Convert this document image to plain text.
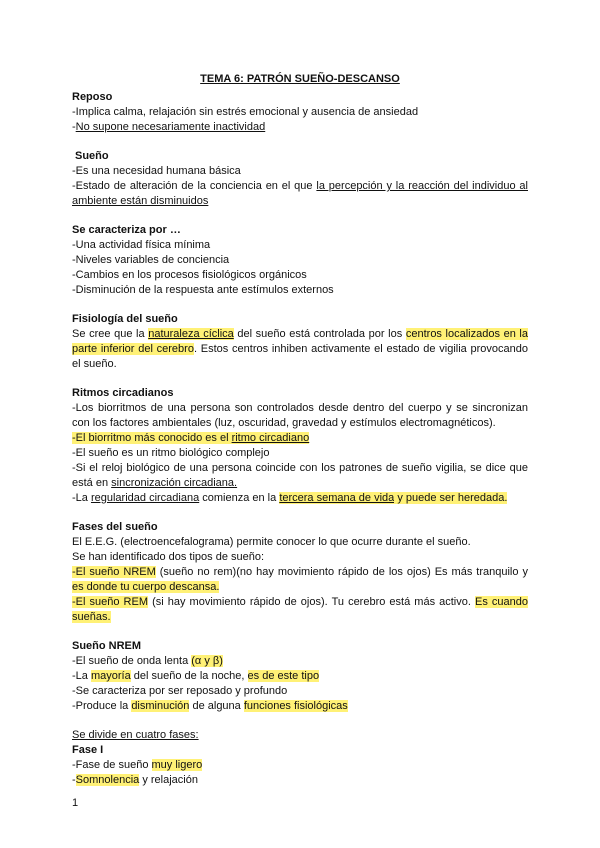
TEMA 6: PATRÓN SUEÑO-DESCANSO

Reposo

-Implica calma, relajación sin estrés emocional y ausencia de ansiedad

-No supone necesariamente inactividad

Sueño

-Es una necesidad humana básica

-Estado de alteración de la conciencia en el que la percepción y la reacción del individuo al ambiente están disminuidos

Se caracteriza por …

-Una actividad física mínima

-Niveles variables de conciencia

-Cambios en los procesos fisiológicos orgánicos

-Disminución de la respuesta ante estímulos externos

Fisiología del sueño

Se cree que la naturaleza cíclica del sueño está controlada por los centros localizados en la parte inferior del cerebro. Estos centros inhiben activamente el estado de vigilia provocando el sueño.

Ritmos circadianos

-Los biorritmos de una persona son controlados desde dentro del cuerpo y se sincronizan con los factores ambientales (luz, oscuridad, gravedad y estímulos electromagnéticos).

-El biorritmo más conocido es el ritmo circadiano

-El sueño es un ritmo biológico complejo

-Si el reloj biológico de una persona coincide con los patrones de sueño vigilia, se dice que está en sincronización circadiana.

-La regularidad circadiana comienza en la tercera semana de vida y puede ser heredada.

Fases del sueño

El E.E.G. (electroencefalograma) permite conocer lo que ocurre durante el sueño.

Se han identificado dos tipos de sueño:

-El sueño NREM (sueño no rem)(no hay movimiento rápido de los ojos) Es más tranquilo y es donde tu cuerpo descansa.

-El sueño REM (si hay movimiento rápido de ojos). Tu cerebro está más activo. Es cuando sueñas.

Sueño NREM

-El sueño de onda lenta (α y β)

-La mayoría del sueño de la noche, es de este tipo

-Se caracteriza por ser reposado y profundo

-Produce la disminución de alguna funciones fisiológicas

Se divide en cuatro fases:

Fase I

-Fase de sueño muy ligero

-Somnolencia y relajación

1
